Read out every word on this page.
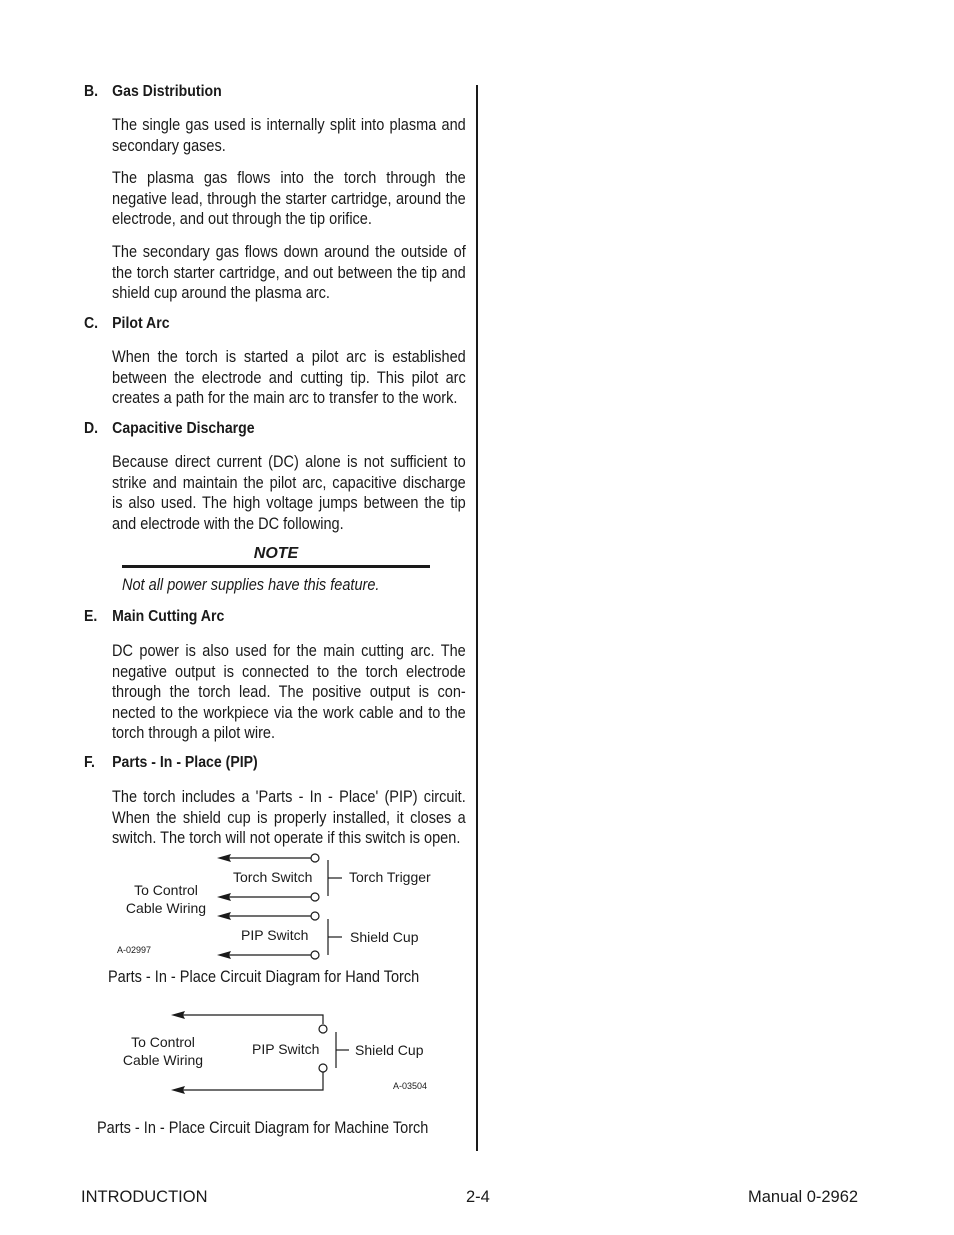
B. Gas Distribution
The single gas used is internally split into plasma and secondary gases.
The plasma gas flows into the torch through the negative lead, through the starter cartridge, around the electrode, and out through the tip orifice.
The secondary gas flows down around the outside of the torch starter cartridge, and out between the tip and shield cup around the plasma arc.
C. Pilot Arc
When the torch is started a pilot arc is established between the electrode and cutting tip. This pilot arc creates a path for the main arc to transfer to the work.
D. Capacitive Discharge
Because direct current (DC) alone is not sufficient to strike and maintain the pilot arc, capacitive discharge is also used. The high voltage jumps between the tip and electrode with the DC following.
NOTE
Not all power supplies have this feature.
E. Main Cutting Arc
DC power is also used for the main cutting arc. The negative output is connected to the torch electrode through the torch lead. The positive output is con-nected to the workpiece via the work cable and to the torch through a pilot wire.
F. Parts - In - Place (PIP)
The torch includes a 'Parts - In - Place' (PIP) circuit. When the shield cup is properly installed, it closes a switch. The torch will not operate if this switch is open.
To Control
Cable Wiring
Torch Switch	Torch Trigger
PIP Switch	Shield Cup
A-02997
Parts - In - Place Circuit Diagram for Hand Torch
To Control
Cable Wiring
PIP Switch	Shield Cup
A-03504
Parts - In - Place Circuit Diagram for Machine Torch
INTRODUCTION	2-4	Manual 0-2962
